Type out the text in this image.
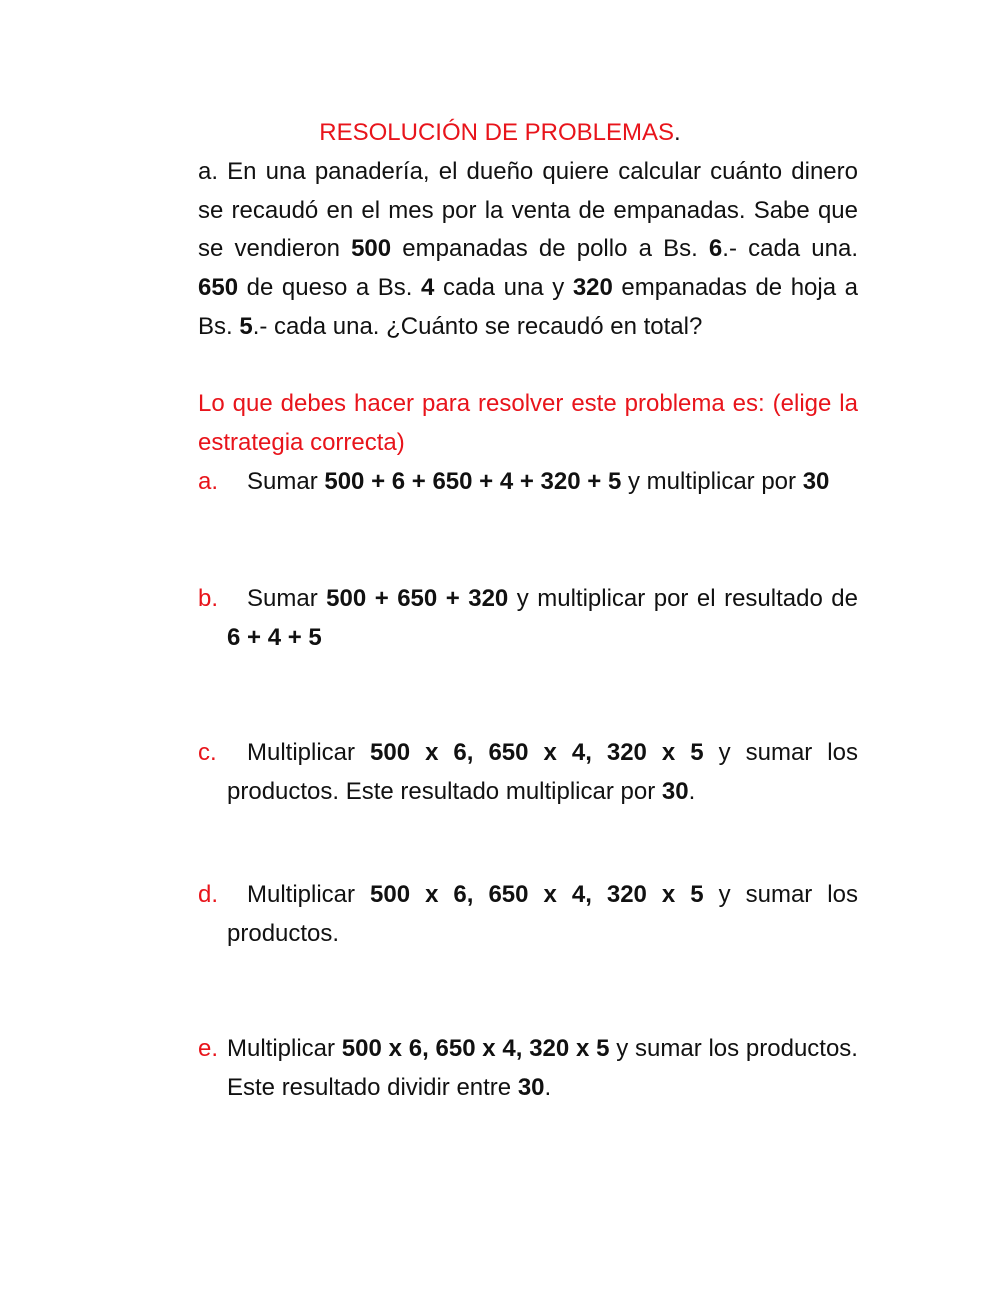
RESOLUCIÓN DE PROBLEMAS.
a. En una panadería, el dueño quiere calcular cuánto dinero se recaudó en el mes por la venta de empanadas. Sabe que se vendieron 500 empanadas de pollo a Bs. 6.- cada una. 650 de queso a Bs. 4 cada una y 320 empanadas de hoja a Bs. 5.- cada una. ¿Cuánto se recaudó en total?
Lo que debes hacer para resolver este problema es: (elige la estrategia correcta)
a.	Sumar 500 + 6 + 650 + 4 + 320 + 5 y multiplicar por 30
b.	Sumar 500 + 650 + 320 y multiplicar por el resultado de 6 + 4 + 5
c.	Multiplicar 500 x 6, 650 x 4, 320 x 5 y sumar los productos. Este resultado multiplicar por 30.
d.	Multiplicar 500 x 6, 650 x 4, 320 x 5 y sumar los productos.
e. Multiplicar 500 x 6, 650 x 4, 320 x 5 y sumar los productos. Este resultado dividir entre 30.
